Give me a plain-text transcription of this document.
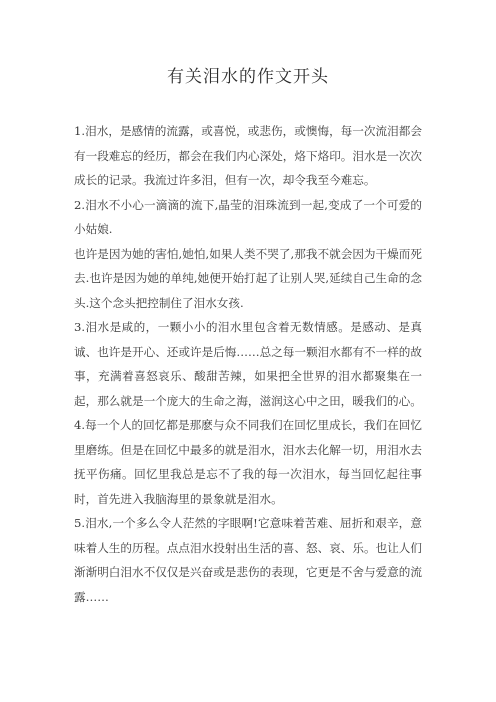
有关泪水的作文开头

1.泪水，是感情的流露，或喜悦，或悲伤，或懊悔，每一次流泪都会有一段难忘的经历，都会在我们内心深处，烙下烙印。泪水是一次次成长的记录。我流过许多泪，但有一次，却令我至今难忘。

2.泪水不小心一滴滴的流下,晶莹的泪珠流到一起,变成了一个可爱的小姑娘.

也许是因为她的害怕,她怕,如果人类不哭了,那我不就会因为干燥而死去.也许是因为她的单纯,她便开始打起了让别人哭,延续自己生命的念头.这个念头把控制住了泪水女孩.

3.泪水是咸的，一颗小小的泪水里包含着无数情感。是感动、是真诚、也许是开心、还或许是后悔……总之每一颗泪水都有不一样的故事，充满着喜怒哀乐、酸甜苦辣，如果把全世界的泪水都聚集在一起，那么就是一个庞大的生命之海，滋润这心中之田，暖我们的心。

4.每一个人的回忆都是那麽与众不同我们在回忆里成长，我们在回忆里磨练。但是在回忆中最多的就是泪水，泪水去化解一切，用泪水去抚平伤痛。回忆里我总是忘不了我的每一次泪水，每当回忆起往事时，首先进入我脑海里的景象就是泪水。

5.泪水,一个多么令人茫然的字眼啊!它意味着苦难、屈折和艰辛，意味着人生的历程。点点泪水投射出生活的喜、怒、哀、乐。也让人们渐渐明白泪水不仅仅是兴奋或是悲伤的表现，它更是不舍与爱意的流露……
